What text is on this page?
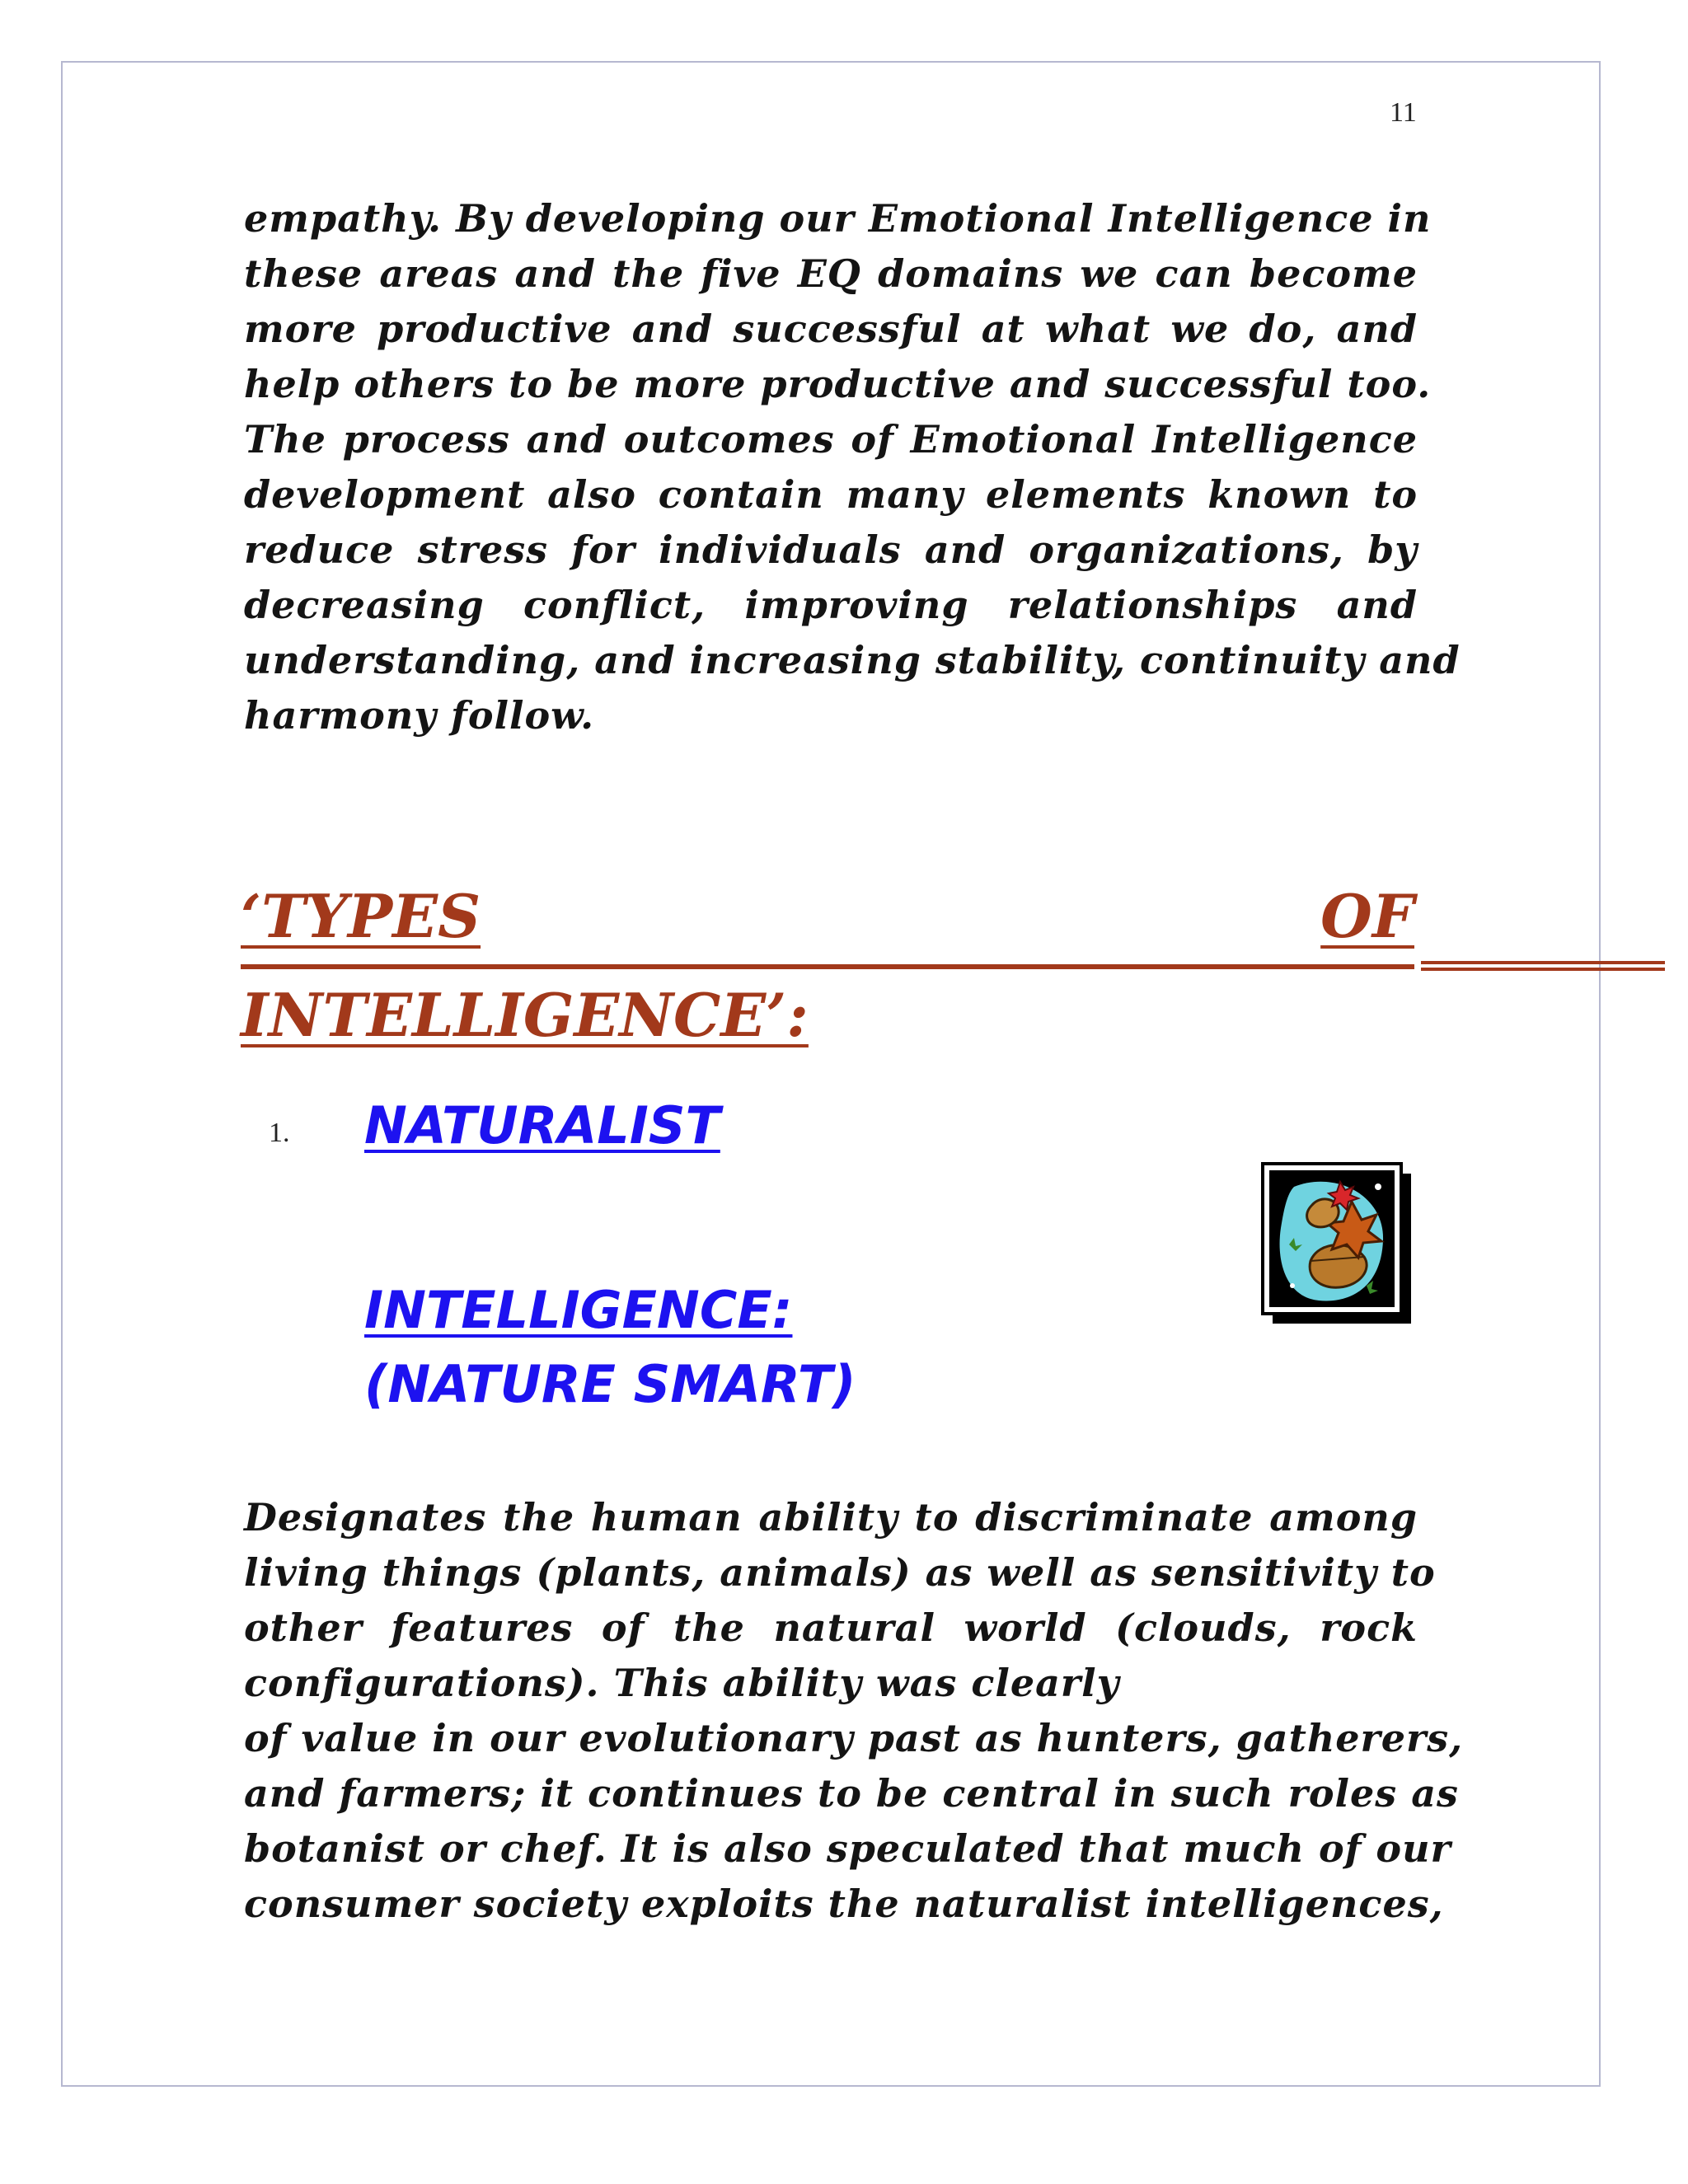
11
empathy. By developing our Emotional Intelligence in
these areas and the five EQ domains we can become
more productive and successful at what we do, and
help others to be more productive and successful too.
The process and outcomes of Emotional Intelligence
development also contain many elements known to
reduce stress for individuals and organizations, by
decreasing conflict, improving relationships and
understanding, and increasing stability, continuity and
harmony follow.
‘TYPES	OF
INTELLIGENCE’:
1. NATURALIST
INTELLIGENCE:
(NATURE SMART)
Designates the human ability to discriminate among
living things (plants, animals) as well as sensitivity to
other features of the natural world (clouds, rock
configurations). This ability was clearly
of value in our evolutionary past as hunters, gatherers,
and farmers; it continues to be central in such roles as
botanist or chef. It is also speculated that much of our
consumer society exploits the naturalist intelligences,
